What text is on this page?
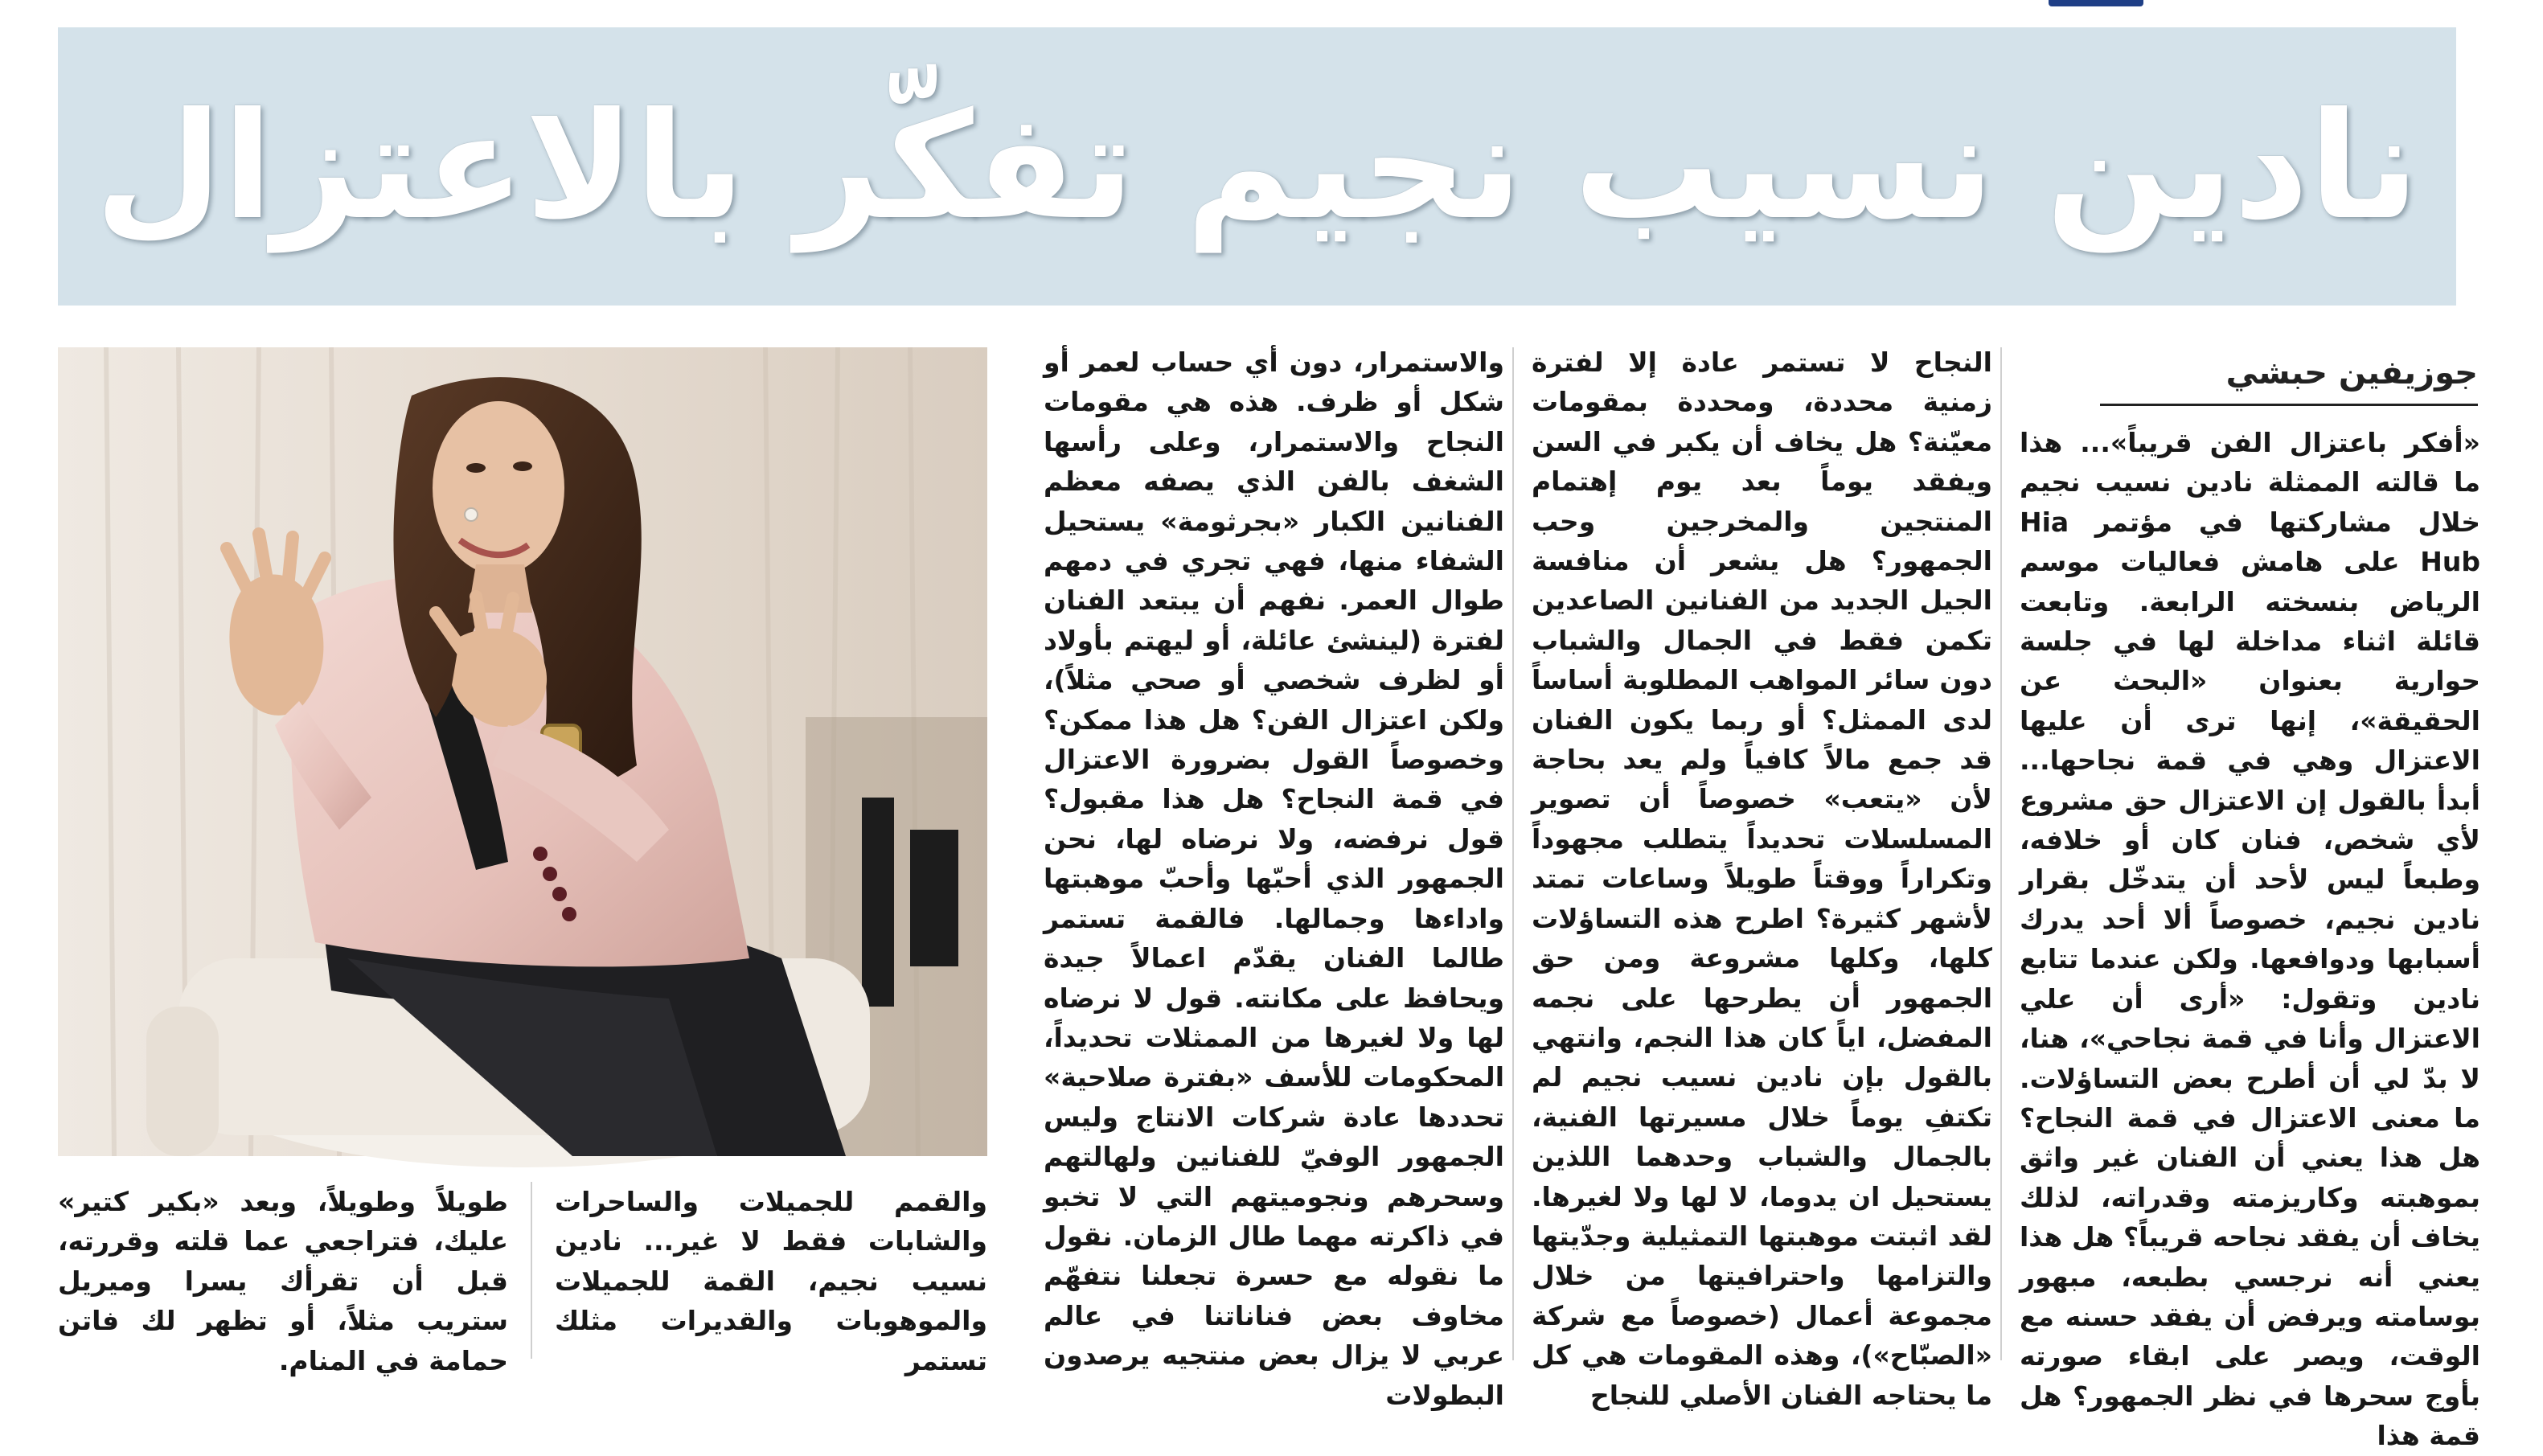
نادين نسيب نجيم تفكّر بالاعتزال
جوزيفين حبشي

«أفكر باعتزال الفن قريباً»... هذا ما قالته الممثلة نادين نسيب نجيم خلال مشاركتها في مؤتمر Hia Hub على هامش فعاليات موسم الرياض بنسخته الرابعة. وتابعت قائلة اثناء مداخلة لها في جلسة حوارية بعنوان «البحث عن الحقيقة»، إنها ترى أن عليها الاعتزال وهي في قمة نجاحها... أبدأ بالقول إن الاعتزال حق مشروع لأي شخص، فنان كان أو خلافه، وطبعاً ليس لأحد أن يتدخّل بقرار نادين نجيم، خصوصاً ألا أحد يدرك أسبابها ودوافعها. ولكن عندما تتابع نادين وتقول: «أرى أن علي الاعتزال وأنا في قمة نجاحي»، هنا، لا بدّ لي أن أطرح بعض التساؤلات. ما معنى الاعتزال في قمة النجاح؟ هل هذا يعني أن الفنان غير واثق بموهبته وكاريزمته وقدراته، لذلك يخاف أن يفقد نجاحه قريباً؟ هل هذا يعني أنه نرجسي بطبعه، مبهور بوسامته ويرفض أن يفقد حسنه مع الوقت، ويصر على ابقاء صورته بأوج سحرها في نظر الجمهور؟ هل قمة هذا

النجاح لا تستمر عادة إلا لفترة زمنية محددة، ومحددة بمقومات معيّنة؟ هل يخاف أن يكبر في السن ويفقد يوماً بعد يوم إهتمام المنتجين والمخرجين وحب الجمهور؟ هل يشعر أن منافسة الجيل الجديد من الفنانين الصاعدين تكمن فقط في الجمال والشباب دون سائر المواهب المطلوبة أساساً لدى الممثل؟ أو ربما يكون الفنان قد جمع مالاً كافياً ولم يعد بحاجة لأن «يتعب» خصوصاً أن تصوير المسلسلات تحديداً يتطلب مجهوداً وتكراراً ووقتاً طويلاً وساعات تمتد لأشهر كثيرة؟ اطرح هذه التساؤلات كلها، وكلها مشروعة ومن حق الجمهور أن يطرحها على نجمه المفضل، اياً كان هذا النجم، وانتهي بالقول بإن نادين نسيب نجيم لم تكتفِ يوماً خلال مسيرتها الفنية، بالجمال والشباب وحدهما اللذين يستحيل ان يدوما، لا لها ولا لغيرها. لقد اثبتت موهبتها التمثيلية وجدّيتها والتزامها واحترافيتها من خلال مجموعة أعمال (خصوصاً مع شركة «الصبّاح»)، وهذه المقومات هي كل ما يحتاجه الفنان الأصلي للنجاح

والاستمرار، دون أي حساب لعمر أو شكل أو ظرف. هذه هي مقومات النجاح والاستمرار، وعلى رأسها الشغف بالفن الذي يصفه معظم الفنانين الكبار «بجرثومة» يستحيل الشفاء منها، فهي تجري في دمهم طوال العمر. نفهم أن يبتعد الفنان لفترة (لينشئ عائلة، أو ليهتم بأولاد أو لظرف شخصي أو صحي مثلاً)، ولكن اعتزال الفن؟ هل هذا ممكن؟ وخصوصاً القول بضرورة الاعتزال في قمة النجاح؟ هل هذا مقبول؟ قول نرفضه، ولا نرضاه لها، نحن الجمهور الذي أحبّها وأحبّ موهبتها واداءها وجمالها. فالقمة تستمر طالما الفنان يقدّم اعمالاً جيدة ويحافظ على مكانته. قول لا نرضاه لها ولا لغيرها من الممثلات تحديداً، المحكومات للأسف «بفترة صلاحية» تحددها عادة شركات الانتاج وليس الجمهور الوفيّ للفنانين ولهالتهم وسحرهم ونجوميتهم التي لا تخبو في ذاكرته مهما طال الزمان. نقول ما نقوله مع حسرة تجعلنا نتفهّم مخاوف بعض فناناتنا في عالم عربي لا يزال بعض منتجيه يرصدون البطولات

والقمم للجميلات والساحرات والشابات فقط لا غير... نادين نسيب نجيم، القمة للجميلات والموهوبات والقديرات مثلك تستمر

طويلاً وطويلاً، وبعد «بكير كتير» عليك، فتراجعي عما قلته وقررته، قبل أن تقرأك يسرا وميريل ستريب مثلاً، أو تظهر لك فاتن حمامة في المنام.
